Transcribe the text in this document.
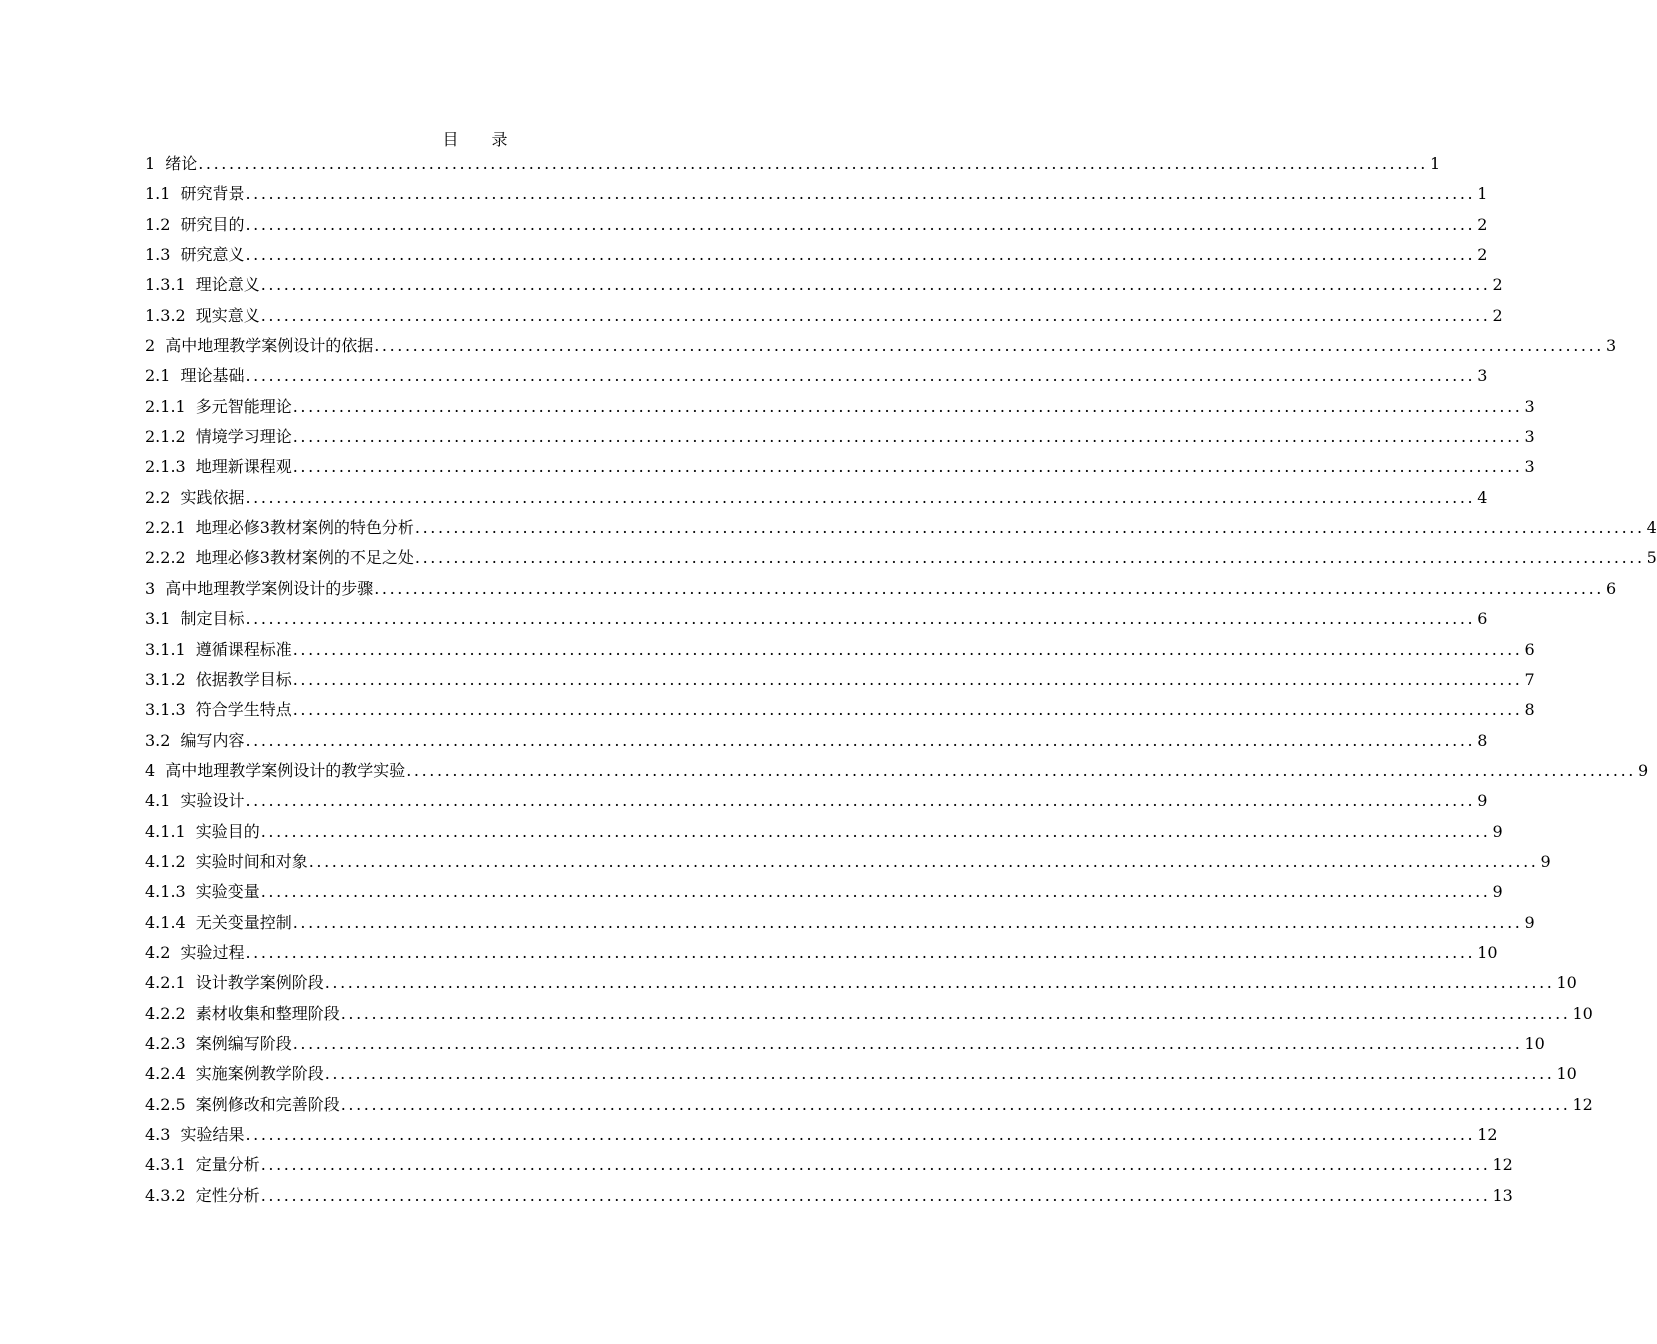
目 录
1 绪论 ................................................................................................................................................................ 1
1.1 研究背景 ................................................................................................................................................................ 1
1.2 研究目的 ................................................................................................................................................................ 2
1.3 研究意义 ................................................................................................................................................................ 2
1.3.1 理论意义 ................................................................................................................................................................ 2
1.3.2 现实意义 ................................................................................................................................................................ 2
2 高中地理教学案例设计的依据 ................................................................................................................................................................ 3
2.1 理论基础 ................................................................................................................................................................ 3
2.1.1 多元智能理论 ................................................................................................................................................................ 3
2.1.2 情境学习理论 ................................................................................................................................................................ 3
2.1.3 地理新课程观 ................................................................................................................................................................ 3
2.2 实践依据 ................................................................................................................................................................ 4
2.2.1 地理必修3教材案例的特色分析 ................................................................................................................................................................ 4
2.2.2 地理必修3教材案例的不足之处 ................................................................................................................................................................ 5
3 高中地理教学案例设计的步骤 ................................................................................................................................................................ 6
3.1 制定目标 ................................................................................................................................................................ 6
3.1.1 遵循课程标准 ................................................................................................................................................................ 6
3.1.2 依据教学目标 ................................................................................................................................................................ 7
3.1.3 符合学生特点 ................................................................................................................................................................ 8
3.2 编写内容 ................................................................................................................................................................ 8
4 高中地理教学案例设计的教学实验 ................................................................................................................................................................ 9
4.1 实验设计 ................................................................................................................................................................ 9
4.1.1 实验目的 ................................................................................................................................................................ 9
4.1.2 实验时间和对象 ................................................................................................................................................................ 9
4.1.3 实验变量 ................................................................................................................................................................ 9
4.1.4 无关变量控制 ................................................................................................................................................................ 9
4.2 实验过程 ................................................................................................................................................................ 10
4.2.1 设计教学案例阶段 ................................................................................................................................................................ 10
4.2.2 素材收集和整理阶段 ................................................................................................................................................................ 10
4.2.3 案例编写阶段 ................................................................................................................................................................ 10
4.2.4 实施案例教学阶段 ................................................................................................................................................................ 10
4.2.5 案例修改和完善阶段 ................................................................................................................................................................ 12
4.3 实验结果 ................................................................................................................................................................ 12
4.3.1 定量分析 ................................................................................................................................................................ 12
4.3.2 定性分析 ................................................................................................................................................................ 13
